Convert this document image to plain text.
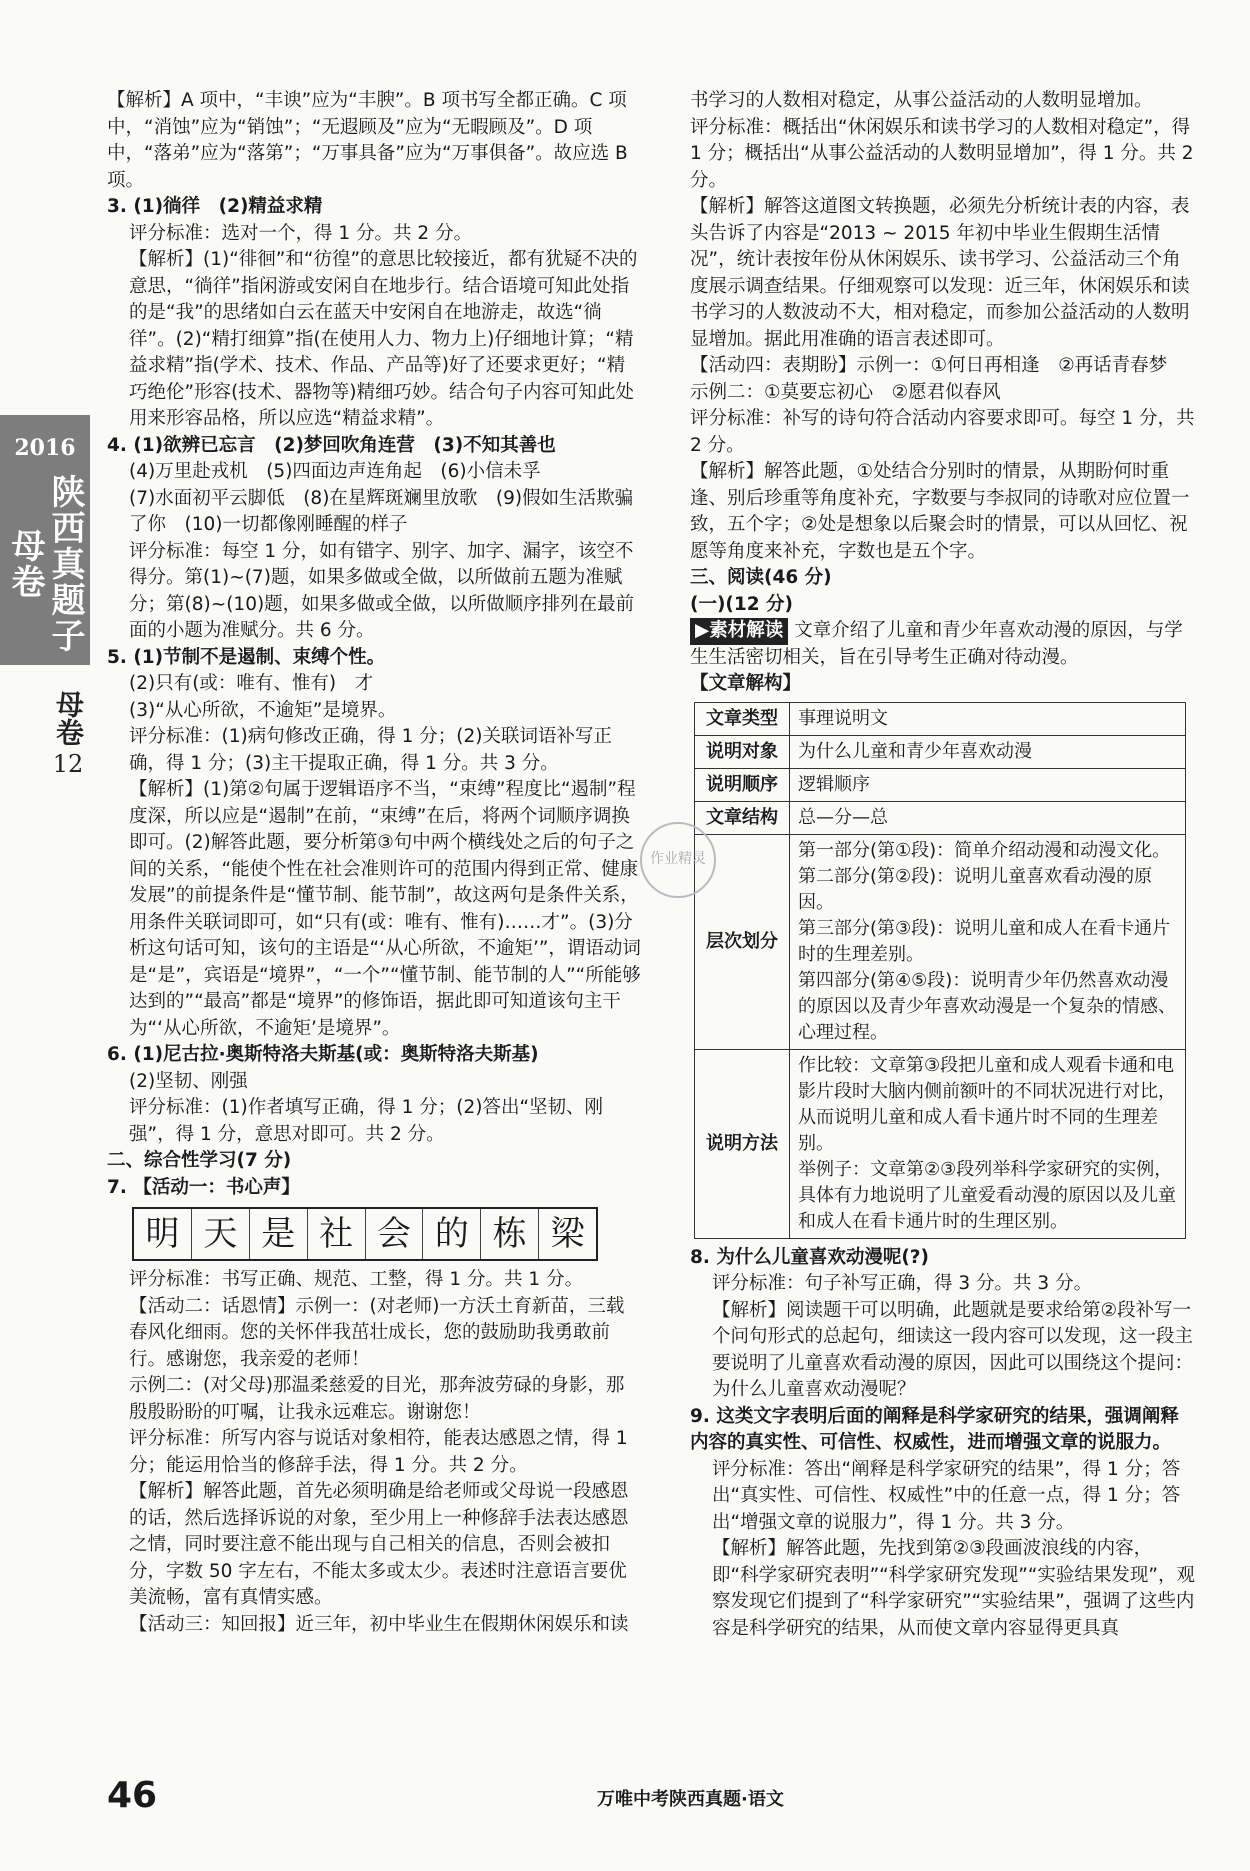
2016
陕西真题子母卷
母卷
12

【解析】A 项中，“丰谀”应为“丰腴”。B 项书写全都正确。C 项中，“消蚀”应为“销蚀”；“无遐顾及”应为“无暇顾及”。D 项中，“落弟”应为“落第”；“万事具备”应为“万事俱备”。故应选 B 项。

3. (1)徜徉　(2)精益求精

评分标准：选对一个，得 1 分。共 2 分。

【解析】(1)“徘徊”和“彷徨”的意思比较接近，都有犹疑不决的意思，“徜徉”指闲游或安闲自在地步行。结合语境可知此处指的是“我”的思绪如白云在蓝天中安闲自在地游走，故选“徜徉”。(2)“精打细算”指(在使用人力、物力上)仔细地计算；“精益求精”指(学术、技术、作品、产品等)好了还要求更好；“精巧绝伦”形容(技术、器物等)精细巧妙。结合句子内容可知此处用来形容品格，所以应选“精益求精”。

4. (1)欲辨已忘言　(2)梦回吹角连营　(3)不知其善也

(4)万里赴戎机　(5)四面边声连角起　(6)小信未孚

(7)水面初平云脚低　(8)在星辉斑斓里放歌　(9)假如生活欺骗了你　(10)一切都像刚睡醒的样子

评分标准：每空 1 分，如有错字、别字、加字、漏字，该空不得分。第(1)~(7)题，如果多做或全做，以所做前五题为准赋分；第(8)~(10)题，如果多做或全做，以所做顺序排列在最前面的小题为准赋分。共 6 分。

5. (1)节制不是遏制、束缚个性。

(2)只有(或：唯有、惟有)　才

(3)“从心所欲，不逾矩”是境界。

评分标准：(1)病句修改正确，得 1 分；(2)关联词语补写正确，得 1 分；(3)主干提取正确，得 1 分。共 3 分。

【解析】(1)第②句属于逻辑语序不当，“束缚”程度比“遏制”程度深，所以应是“遏制”在前，“束缚”在后，将两个词顺序调换即可。(2)解答此题，要分析第③句中两个横线处之后的句子之间的关系，“能使个性在社会准则许可的范围内得到正常、健康发展”的前提条件是“懂节制、能节制”，故这两句是条件关系，用条件关联词即可，如“只有(或：唯有、惟有)……才”。(3)分析这句话可知，该句的主语是“‘从心所欲，不逾矩’”，谓语动词是“是”，宾语是“境界”，“一个”“懂节制、能节制的人”“所能够达到的”“最高”都是“境界”的修饰语，据此即可知道该句主干为“‘从心所欲，不逾矩’是境界”。

6. (1)尼古拉·奥斯特洛夫斯基(或：奥斯特洛夫斯基)

(2)坚韧、刚强

评分标准：(1)作者填写正确，得 1 分；(2)答出“坚韧、刚强”，得 1 分，意思对即可。共 2 分。

二、综合性学习(7 分)

7. 【活动一：书心声】

明 天 是 社 会 的 栋 梁

评分标准：书写正确、规范、工整，得 1 分。共 1 分。

【活动二：话恩情】示例一：(对老师)一方沃土育新苗，三载春风化细雨。您的关怀伴我茁壮成长，您的鼓励助我勇敢前行。感谢您，我亲爱的老师！

示例二：(对父母)那温柔慈爱的目光，那奔波劳碌的身影，那殷殷盼盼的叮嘱，让我永远难忘。谢谢您！

评分标准：所写内容与说话对象相符，能表达感恩之情，得 1 分；能运用恰当的修辞手法，得 1 分。共 2 分。

【解析】解答此题，首先必须明确是给老师或父母说一段感恩的话，然后选择诉说的对象，至少用上一种修辞手法表达感恩之情，同时要注意不能出现与自己相关的信息，否则会被扣分，字数 50 字左右，不能太多或太少。表述时注意语言要优美流畅，富有真情实感。

【活动三：知回报】近三年，初中毕业生在假期休闲娱乐和读

书学习的人数相对稳定，从事公益活动的人数明显增加。

评分标准：概括出“休闲娱乐和读书学习的人数相对稳定”，得 1 分；概括出“从事公益活动的人数明显增加”，得 1 分。共 2 分。

【解析】解答这道图文转换题，必须先分析统计表的内容，表头告诉了内容是“2013 ~ 2015 年初中毕业生假期生活情况”，统计表按年份从休闲娱乐、读书学习、公益活动三个角度展示调查结果。仔细观察可以发现：近三年，休闲娱乐和读书学习的人数波动不大，相对稳定，而参加公益活动的人数明显增加。据此用准确的语言表述即可。

【活动四：表期盼】示例一：①何日再相逢　②再话青春梦

示例二：①莫要忘初心　②愿君似春风

评分标准：补写的诗句符合活动内容要求即可。每空 1 分，共 2 分。

【解析】解答此题，①处结合分别时的情景，从期盼何时重逢、别后珍重等角度补充，字数要与李叔同的诗歌对应位置一致，五个字；②处是想象以后聚会时的情景，可以从回忆、祝愿等角度来补充，字数也是五个字。

三、阅读(46 分)

(一)(12 分)

▶素材解读 文章介绍了儿童和青少年喜欢动漫的原因，与学生生活密切相关，旨在引导考生正确对待动漫。

【文章解构】

文章类型	事理说明文
说明对象	为什么儿童和青少年喜欢动漫
说明顺序	逻辑顺序
文章结构	总—分—总
层次划分	第一部分(第①段)：简单介绍动漫和动漫文化。
第二部分(第②段)：说明儿童喜欢看动漫的原因。
第三部分(第③段)：说明儿童和成人在看卡通片时的生理差别。
第四部分(第④⑤段)：说明青少年仍然喜欢动漫的原因以及青少年喜欢动漫是一个复杂的情感、心理过程。

说明方法	作比较：文章第③段把儿童和成人观看卡通和电影片段时大脑内侧前额叶的不同状况进行对比，从而说明儿童和成人看卡通片时不同的生理差别。
举例子：文章第②③段列举科学家研究的实例，具体有力地说明了儿童爱看动漫的原因以及儿童和成人在看卡通片时的生理区别。

8. 为什么儿童喜欢动漫呢(?)

评分标准：句子补写正确，得 3 分。共 3 分。

【解析】阅读题干可以明确，此题就是要求给第②段补写一个问句形式的总起句，细读这一段内容可以发现，这一段主要说明了儿童喜欢看动漫的原因，因此可以围绕这个提问：为什么儿童喜欢动漫呢？

9. 这类文字表明后面的阐释是科学家研究的结果，强调阐释内容的真实性、可信性、权威性，进而增强文章的说服力。

评分标准：答出“阐释是科学家研究的结果”，得 1 分；答出“真实性、可信性、权威性”中的任意一点，得 1 分；答出“增强文章的说服力”，得 1 分。共 3 分。

【解析】解答此题，先找到第②③段画波浪线的内容，即“科学家研究表明”“科学家研究发现”“实验结果发现”，观察发现它们提到了“科学家研究”“实验结果”，强调了这些内容是科学研究的结果，从而使文章内容显得更具真

作业精灵
46	万唯中考陕西真题·语文
